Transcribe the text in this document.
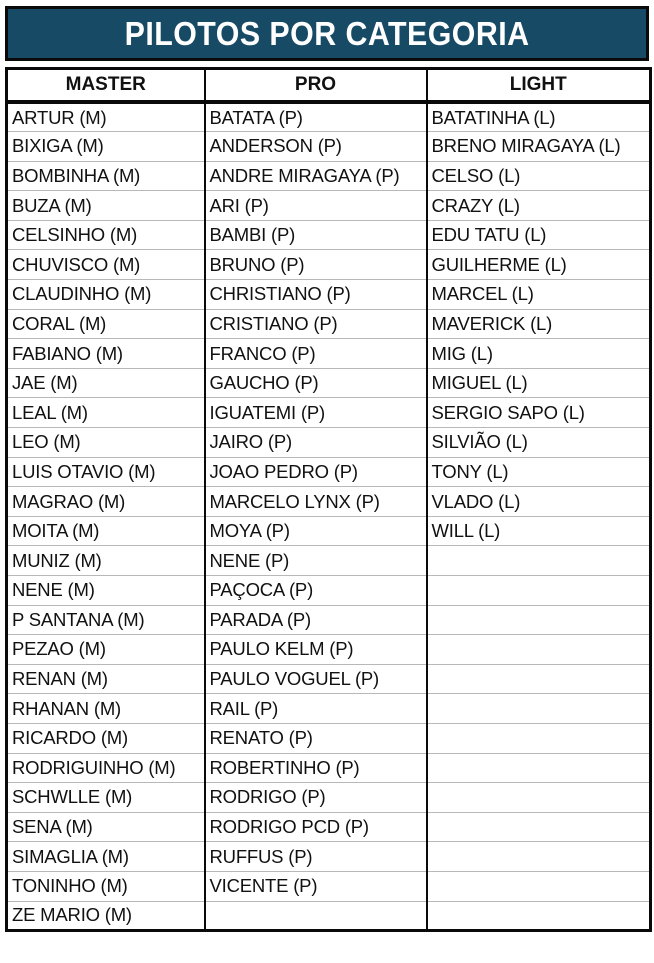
PILOTOS POR CATEGORIA
MASTER	PRO	LIGHT
ARTUR (M)	BATATA (P)	BATATINHA (L)
BIXIGA (M)	ANDERSON (P)	BRENO MIRAGAYA (L)
BOMBINHA (M)	ANDRE MIRAGAYA (P)	CELSO (L)
BUZA (M)	ARI (P)	CRAZY (L)
CELSINHO (M)	BAMBI (P)	EDU TATU (L)
CHUVISCO (M)	BRUNO (P)	GUILHERME (L)
CLAUDINHO (M)	CHRISTIANO (P)	MARCEL (L)
CORAL (M)	CRISTIANO (P)	MAVERICK (L)
FABIANO (M)	FRANCO (P)	MIG (L)
JAE (M)	GAUCHO (P)	MIGUEL (L)
LEAL (M)	IGUATEMI (P)	SERGIO SAPO (L)
LEO (M)	JAIRO (P)	SILVIÃO (L)
LUIS OTAVIO (M)	JOAO PEDRO (P)	TONY (L)
MAGRAO (M)	MARCELO LYNX (P)	VLADO (L)
MOITA (M)	MOYA (P)	WILL (L)
MUNIZ (M)	NENE (P)	
NENE (M)	PAÇOCA (P)	
P SANTANA (M)	PARADA (P)	
PEZAO (M)	PAULO KELM (P)	
RENAN (M)	PAULO VOGUEL (P)	
RHANAN (M)	RAIL (P)	
RICARDO (M)	RENATO (P)	
RODRIGUINHO (M)	ROBERTINHO (P)	
SCHWLLE (M)	RODRIGO (P)	
SENA (M)	RODRIGO PCD (P)	
SIMAGLIA (M)	RUFFUS (P)	
TONINHO (M)	VICENTE (P)	
ZE MARIO (M)		
